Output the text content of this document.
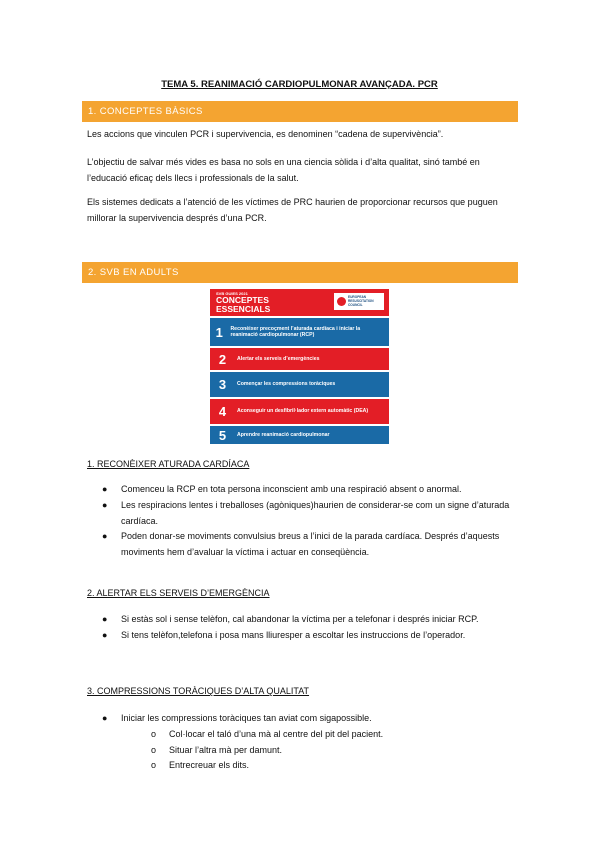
TEMA 5. REANIMACIÓ CARDIOPULMONAR AVANÇADA. PCR
1. CONCEPTES BÀSICS
Les accions que vinculen PCR i supervivencia, es denominen “cadena de supervivència”.
L’objectiu de salvar més vides es basa no sols en una ciencia sòlida i d’alta qualitat, sinó també en l’educació eficaç dels llecs i professionals de la salut.
Els sistemes dedicats a l’atenció de les víctimes de PRC haurien de proporcionar recursos que puguen millorar la supervivencia després d’una PCR.
2. SVB EN ADULTS
SVB GUIES 2021
CONCEPTES
ESSENCIALS
EUROPEAN RESUSCITATION COUNCIL
1	Reconèixer precoçment l’aturada cardíaca i iniciar la reanimació cardiopulmonar (RCP)
2	Alertar els serveis d’emergències
3	Començar les compressions toràciques
4	Aconseguir un desfibril·lador extern automàtic (DEA)
5	Aprendre reanimació cardiopulmonar
1. RECONÈIXER ATURADA CARDÍACA
● Comenceu la RCP en tota persona inconscient amb una respiració absent o anormal.
● Les respiracions lentes i treballoses (agòniques)haurien de considerar-se com un signe d’aturada cardíaca.
● Poden donar-se moviments convulsius breus a l’inici de la parada cardíaca. Després d’aquests moviments hem d’avaluar la víctima i actuar en conseqüència.
2. ALERTAR ELS SERVEIS D’EMERGÈNCIA
● Si estàs sol i sense telèfon, cal abandonar la víctima per a telefonar i després iniciar RCP.
● Si tens telèfon,telefona i posa mans lliuresper a escoltar les instruccions de l’operador.
3. COMPRESSIONS TORÀCIQUES D’ALTA QUALITAT
● Iniciar les compressions toràciques tan aviat com sigapossible.
o Col·locar el taló d’una mà al centre del pit del pacient.
o Situar l’altra mà per damunt.
o Entrecreuar els dits.
